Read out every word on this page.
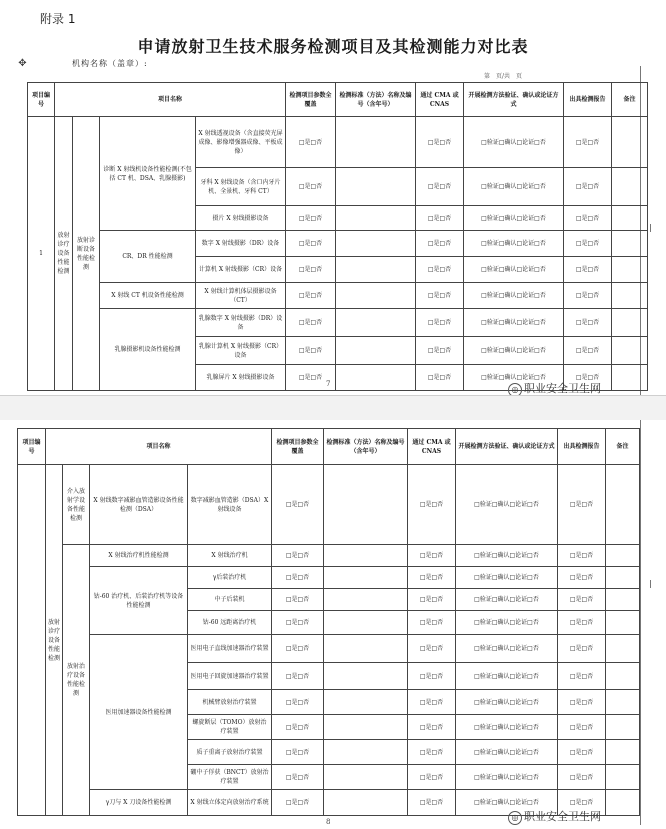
附录 1
申请放射卫生技术服务检测项目及其检测能力对比表
✥	机构名称（盖章）:
第　页/共　页
项目编号	项目名称				检测项目参数全覆盖	检测标准（方法）名称及编号（含年号）	通过 CMA 或 CNAS	开展检测方法验证、确认或论证方式	出具检测报告	备注
1	放射诊疗设备性能检测	放射诊断设备性能检测	诊断 X 射线机设备性能检测(不包括 CT 机、DSA、乳腺摄影)	X 射线透视设备（含直接荧光屏成像、影像增强器成像、平板成像）	□是□否		□是□否	□验证□确认□论证□否	□是□否	
				牙科 X 射线设备（含口内牙片机、全景机、牙科 CT）	□是□否		□是□否	□验证□确认□论证□否	□是□否	
				摄片 X 射线摄影设备	□是□否		□是□否	□验证□确认□论证□否	□是□否	
			CR、DR 性能检测	数字 X 射线摄影（DR）设备	□是□否		□是□否	□验证□确认□论证□否	□是□否	
				计算机 X 射线摄影（CR）设备	□是□否		□是□否	□验证□确认□论证□否	□是□否	
			X 射线 CT 机设备性能检测	X 射线计算机体层摄影设备（CT）	□是□否		□是□否	□验证□确认□论证□否	□是□否	
			乳腺摄影机设备性能检测	乳腺数字 X 射线摄影（DR）设备	□是□否		□是□否	□验证□确认□论证□否	□是□否	
				乳腺计算机 X 射线摄影（CR）设备	□是□否		□是□否	□验证□确认□论证□否	□是□否	
				乳腺屏片 X 射线摄影设备	□是□否		□是□否	□验证□确认□论证□否	□是□否	
7
◎ 职业安全卫生网
项目编号	项目名称				检测项目参数全覆盖	检测标准（方法）名称及编号（含年号）	通过 CMA 或 CNAS	开展检测方法验证、确认或论证方式	出具检测报告	备注
	放射诊疗设备性能检测	介入放射学设备性能检测	X 射线数字减影血管造影设备性能检测（DSA）	数字减影血管造影（DSA）X 射线设备	□是□否		□是□否	□验证□确认□论证□否	□是□否	
		放射治疗设备性能检测	X 射线治疗机性能检测	X 射线治疗机	□是□否		□是□否	□验证□确认□论证□否	□是□否	
			钴-60 治疗机、后装治疗机等设备性能检测	γ后装治疗机	□是□否		□是□否	□验证□确认□论证□否	□是□否	
				中子后装机	□是□否		□是□否	□验证□确认□论证□否	□是□否	
				钴-60 远距离治疗机	□是□否		□是□否	□验证□确认□论证□否	□是□否	
			医用加速器设备性能检测	医用电子直线加速器治疗装置	□是□否		□是□否	□验证□确认□论证□否	□是□否	
				医用电子回旋加速器治疗装置	□是□否		□是□否	□验证□确认□论证□否	□是□否	
				机械臂放射治疗装置	□是□否		□是□否	□验证□确认□论证□否	□是□否	
				螺旋断层（TOMO）放射治疗装置	□是□否		□是□否	□验证□确认□论证□否	□是□否	
				质子重离子放射治疗装置	□是□否		□是□否	□验证□确认□论证□否	□是□否	
				硼中子俘获（BNCT）放射治疗装置	□是□否		□是□否	□验证□确认□论证□否	□是□否	
			γ刀与 X 刀设备性能检测	X 射线立体定向放射治疗系统	□是□否		□是□否	□验证□确认□论证□否	□是□否	
8	◎ 职业安全卫生网
